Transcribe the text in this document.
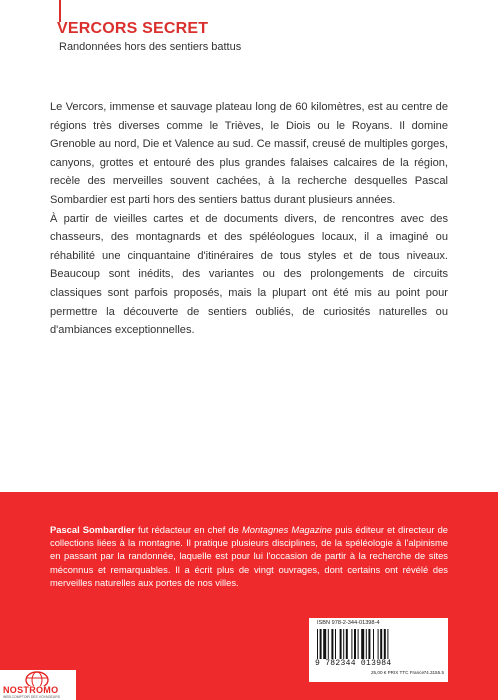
VERCORS SECRET
Randonnées hors des sentiers battus

Le Vercors, immense et sauvage plateau long de 60 kilomètres, est au centre de régions très diverses comme le Trièves, le Diois ou le Royans. Il domine Grenoble au nord, Die et Valence au sud. Ce massif, creusé de multiples gorges, canyons, grottes et entouré des plus grandes falaises calcaires de la région, recèle des merveilles souvent cachées, à la recherche desquelles Pascal Sombardier est parti hors des sentiers battus durant plusieurs années.

À partir de vieilles cartes et de documents divers, de rencontres avec des chasseurs, des montagnards et des spéléologues locaux, il a imaginé ou réhabilité une cinquantaine d'itinéraires de tous styles et de tous niveaux. Beaucoup sont inédits, des variantes ou des prolongements de circuits classiques sont parfois proposés, mais la plupart ont été mis au point pour permettre la découverte de sentiers oubliés, de curiosités naturelles ou d'ambiances exceptionnelles.

Pascal Sombardier fut rédacteur en chef de Montagnes Magazine puis éditeur et directeur de collections liées à la montagne. Il pratique plusieurs disciplines, de la spéléologie à l'alpinisme en passant par la randonnée, laquelle est pour lui l'occasion de partir à la recherche de sites méconnus et remarquables. Il a écrit plus de vingt ouvrages, dont certains ont révélé des merveilles naturelles aux portes de nos villes.

ISBN 978-2-344-01398-4
9 782344 013984
25,00 € PRIX TTC France 74.3155.5
NOSTROMO
WEB COMPTOIR DES VOYAGEURS
